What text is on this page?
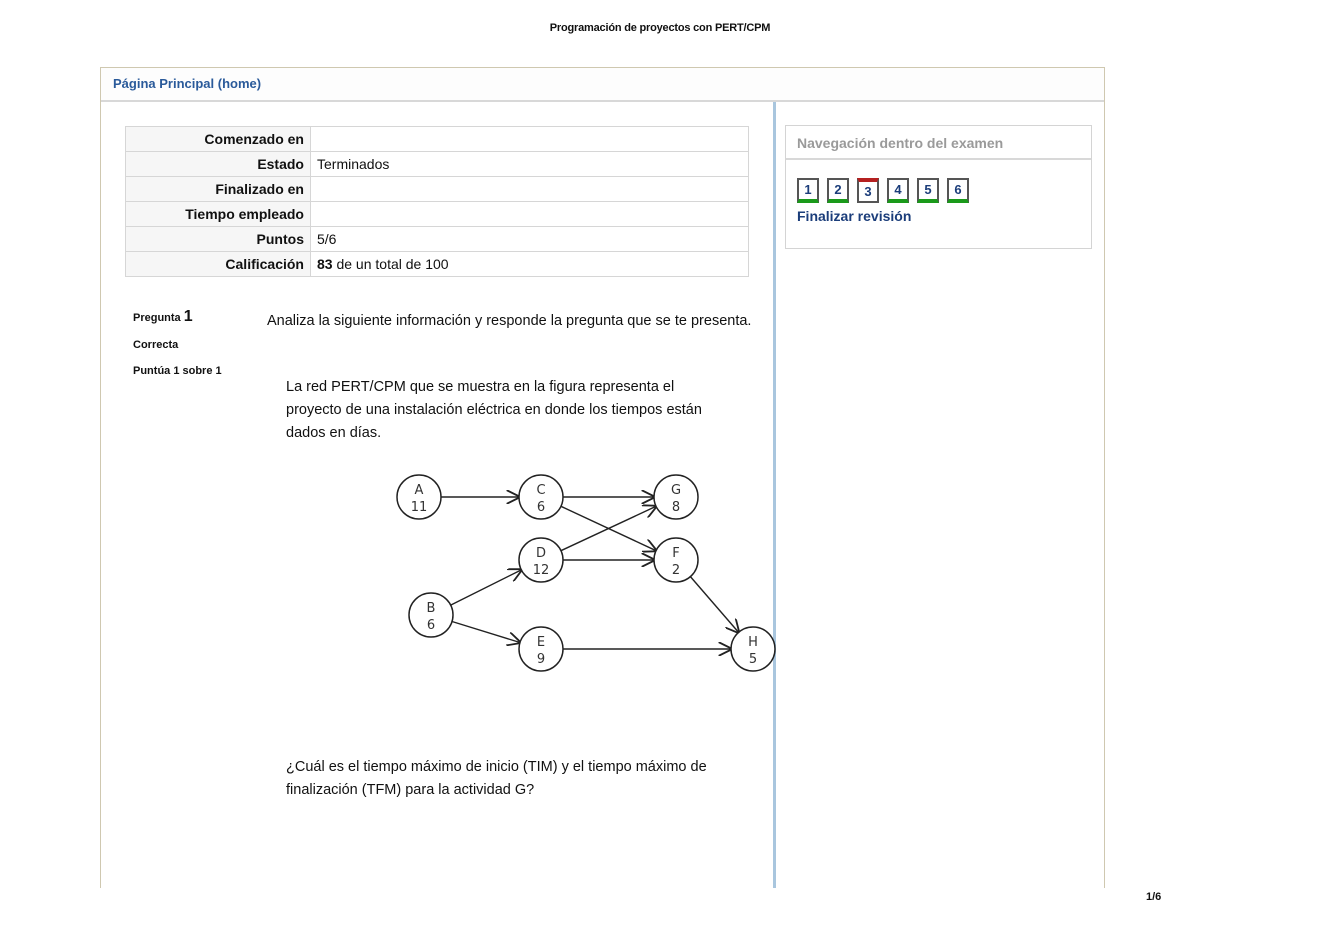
Programación de proyectos con PERT/CPM
1/6
Página Principal (home)
Comenzado en	
Estado	Terminados
Finalizado en	
Tiempo empleado	
Puntos	5/6
Calificación	83 de un total de 100
Pregunta 1
Correcta
Puntúa 1 sobre 1
Analiza la siguiente información y responde la pregunta que se te presenta.
La red PERT/CPM que se muestra en la figura representa el proyecto de una instalación eléctrica en donde los tiempos están dados en días.
A
11
C
6
G
8
D
12
F
2
B
6
E
9
H
5
¿Cuál es el tiempo máximo de inicio (TIM) y el tiempo máximo de finalización (TFM) para la actividad G?
Navegación dentro del examen
1	2	3	4	5	6
Finalizar revisión
